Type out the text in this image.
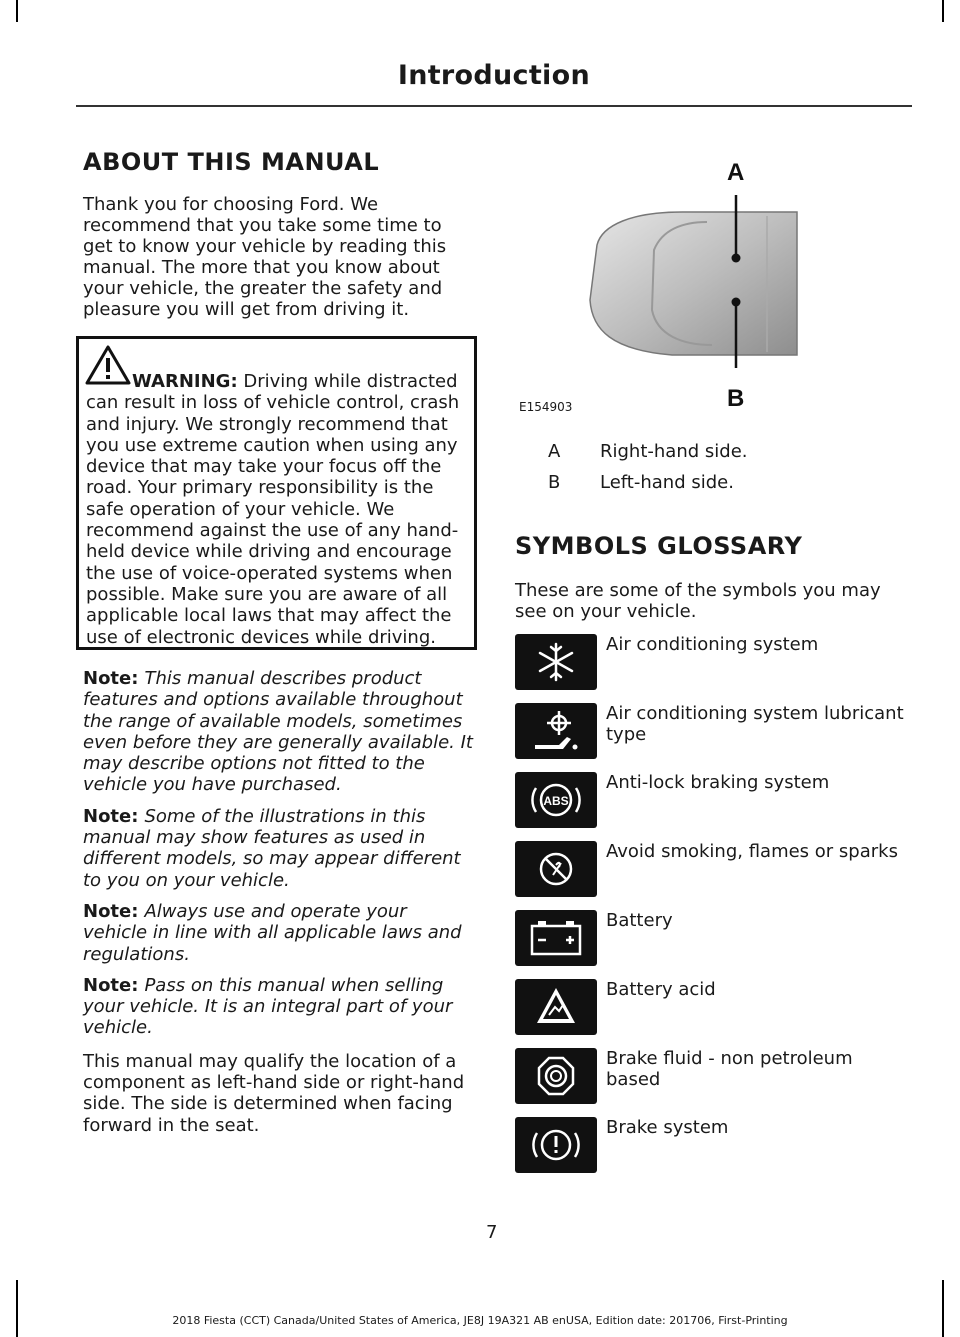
Introduction
ABOUT THIS MANUAL

Thank you for choosing Ford. We recommend that you take some time to get to know your vehicle by reading this manual. The more that you know about your vehicle, the greater the safety and pleasure you will get from driving it.

WARNING: Driving while distracted can result in loss of vehicle control, crash and injury. We strongly recommend that you use extreme caution when using any device that may take your focus off the road. Your primary responsibility is the safe operation of your vehicle. We recommend against the use of any hand-held device while driving and encourage the use of voice-operated systems when possible. Make sure you are aware of all applicable local laws that may affect the use of electronic devices while driving.

Note: This manual describes product features and options available throughout the range of available models, sometimes even before they are generally available. It may describe options not fitted to the vehicle you have purchased.

Note: Some of the illustrations in this manual may show features as used in different models, so may appear different to you on your vehicle.

Note: Always use and operate your vehicle in line with all applicable laws and regulations.

Note: Pass on this manual when selling your vehicle. It is an integral part of your vehicle.

This manual may qualify the location of a component as left-hand side or right-hand side. The side is determined when facing forward in the seat.

A
B
E154903
A	Right-hand side.
B	Left-hand side.
SYMBOLS GLOSSARY

These are some of the symbols you may see on your vehicle.

Air conditioning system
Air conditioning system lubricant type
ABS
Anti-lock braking system
Avoid smoking, flames or sparks
Battery
Battery acid
Brake fluid - non petroleum based
Brake system
7
2018 Fiesta (CCT) Canada/United States of America, JE8J 19A321 AB enUSA, Edition date: 201706, First-Printing
